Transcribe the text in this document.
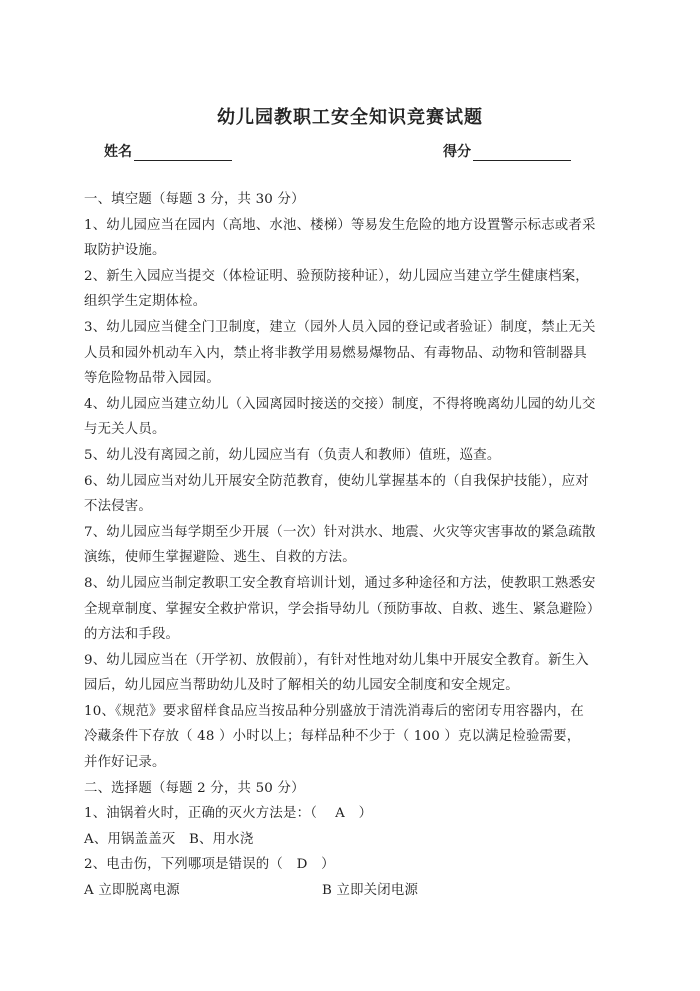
幼儿园教职工安全知识竞赛试题
姓名	得分

一、填空题（每题 3 分，共 30 分）

1、幼儿园应当在园内（高地、水池、楼梯）等易发生危险的地方设置警示标志或者采

取防护设施。

2、新生入园应当提交（体检证明、验预防接种证），幼儿园应当建立学生健康档案，

组织学生定期体检。

3、幼儿园应当健全门卫制度，建立（园外人员入园的登记或者验证）制度，禁止无关

人员和园外机动车入内，禁止将非教学用易燃易爆物品、有毒物品、动物和管制器具

等危险物品带入园园。

4、幼儿园应当建立幼儿（入园离园时接送的交接）制度，不得将晚离幼儿园的幼儿交

与无关人员。

5、幼儿没有离园之前，幼儿园应当有（负责人和教师）值班，巡查。

6、幼儿园应当对幼儿开展安全防范教育，使幼儿掌握基本的（自我保护技能），应对

不法侵害。

7、幼儿园应当每学期至少开展（一次）针对洪水、地震、火灾等灾害事故的紧急疏散

演练，使师生掌握避险、逃生、自救的方法。

8、幼儿园应当制定教职工安全教育培训计划，通过多种途径和方法，使教职工熟悉安

全规章制度、掌握安全救护常识，学会指导幼儿（预防事故、自救、逃生、紧急避险）

的方法和手段。

9、幼儿园应当在（开学初、放假前），有针对性地对幼儿集中开展安全教育。新生入

园后，幼儿园应当帮助幼儿及时了解相关的幼儿园安全制度和安全规定。

10、《规范》要求留样食品应当按品种分别盛放于清洗消毒后的密闭专用容器内，在

冷藏条件下存放（ 48 ）小时以上；每样品种不少于（ 100 ）克以满足检验需要，

并作好记录。

二、选择题（每题 2 分，共 50 分）

1、油锅着火时，正确的灭火方法是：（　 A　）

A、用锅盖盖灭　B、用水浇

2、电击伤，下列哪项是错误的（　D　）

A 立即脱离电源	B 立即关闭电源
